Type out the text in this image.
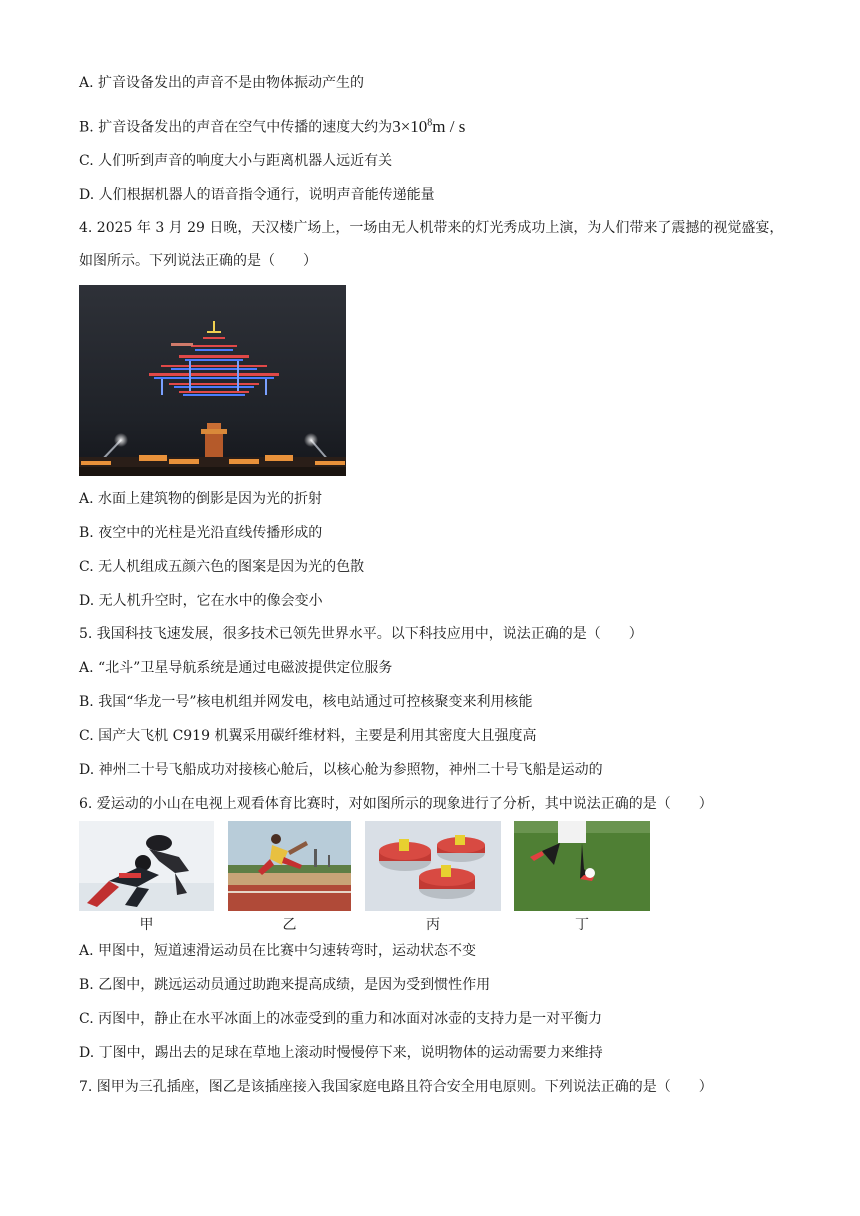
A. 扩音设备发出的声音不是由物体振动产生的
B. 扩音设备发出的声音在空气中传播的速度大约为$3\times 10^8m / s$
C. 人们听到声音的响度大小与距离机器人远近有关
D. 人们根据机器人的语音指令通行，说明声音能传递能量
4. 2025 年 3 月 29 日晚，天汉楼广场上，一场由无人机带来的灯光秀成功上演，为人们带来了震撼的视觉盛宴，如图所示。下列说法正确的是（　　）
A. 水面上建筑物的倒影是因为光的折射
B. 夜空中的光柱是光沿直线传播形成的
C. 无人机组成五颜六色的图案是因为光的色散
D. 无人机升空时，它在水中的像会变小
5. 我国科技飞速发展，很多技术已领先世界水平。以下科技应用中，说法正确的是（　　）
A. “北斗”卫星导航系统是通过电磁波提供定位服务
B. 我国“华龙一号”核电机组并网发电，核电站通过可控核聚变来利用核能
C. 国产大飞机 C919 机翼采用碳纤维材料，主要是利用其密度大且强度高
D. 神州二十号飞船成功对接核心舱后，以核心舱为参照物，神州二十号飞船是运动的
6. 爱运动的小山在电视上观看体育比赛时，对如图所示的现象进行了分析，其中说法正确的是（　　）
甲	乙	丙	丁
A. 甲图中，短道速滑运动员在比赛中匀速转弯时，运动状态不变
B. 乙图中，跳远运动员通过助跑来提高成绩，是因为受到惯性作用
C. 丙图中，静止在水平冰面上的冰壶受到的重力和冰面对冰壶的支持力是一对平衡力
D. 丁图中，踢出去的足球在草地上滚动时慢慢停下来，说明物体的运动需要力来维持
7. 图甲为三孔插座，图乙是该插座接入我国家庭电路且符合安全用电原则。下列说法正确的是（　　）
